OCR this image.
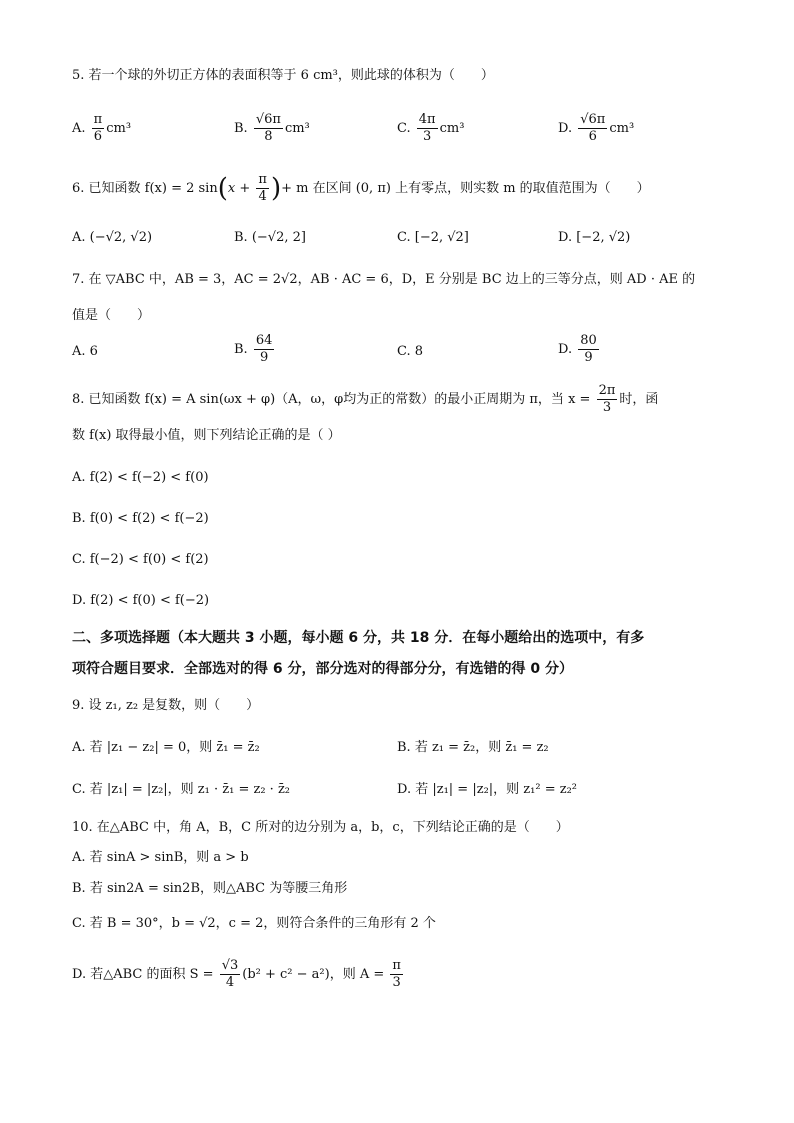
5. 若一个球的外切正方体的表面积等于 6 cm³，则此球的体积为（　　）
A. $\frac{\pi}{6} cm^3$	B. $\frac{√6\pi}{8} cm^3$	C. $\frac{4\pi}{3} cm^3$	D. $\frac{√6\pi}{6} cm^3$
6. 已知函数 f(x) = 2 $\sin(x + \frac{\pi}{4}$ )+ m 在区间 (0, π) 上有零点，则实数 m 的取值范围为（　　）
A. (−√2, √2)	B. (−√2, 2]	C. [−2, √2]	D. [−2, √2)
7. 在 ▽ABC 中，AB = 3，AC = 2√2，AB · AC = 6，D，E 分别是 BC 边上的三等分点，则 AD · AE 的
值是（　　）
A. 6	B. $\frac{64}{9}$	C. 8	D. $\frac{80}{9}$
8. 已知函数 f(x) = A sin(ωx + φ)（A，ω，φ均为正的常数）的最小正周期为 π，当 $x = \frac{2\pi}{3}$ 时，函
数 f(x) 取得最小值，则下列结论正确的是（ ）
A. f(2) < f(−2) < f(0)
B. f(0) < f(2) < f(−2)
C. f(−2) < f(0) < f(2)
D. f(2) < f(0) < f(−2)
二、多项选择题（本大题共 3 小题，每小题 6 分，共 18 分．在每小题给出的选项中，有多
项符合题目要求．全部选对的得 6 分，部分选对的得部分分，有选错的得 0 分）
9. 设 z₁, z₂ 是复数，则（　　）
A. 若 |z₁ − z₂| = 0，则 z̄₁ = z̄₂	B. 若 z₁ = z̄₂，则 z̄₁ = z₂
C. 若 |z₁| = |z₂|，则 z₁ · z̄₁ = z₂ · z̄₂	D. 若 |z₁| = |z₂|，则 z₁² = z₂²
10. 在△ABC 中，角 A，B，C 所对的边分别为 a，b，c，下列结论正确的是（　　）
A. 若 sinA > sinB，则 a > b
B. 若 sin2A = sin2B，则△ABC 为等腰三角形
C. 若 B = 30°，b = √2，c = 2，则符合条件的三角形有 2 个
D. 若△ABC 的面积 $S = \frac{√3}{4} (b^2 + c^2 - a^2)$，则 $A = \frac{\pi}{3}$
